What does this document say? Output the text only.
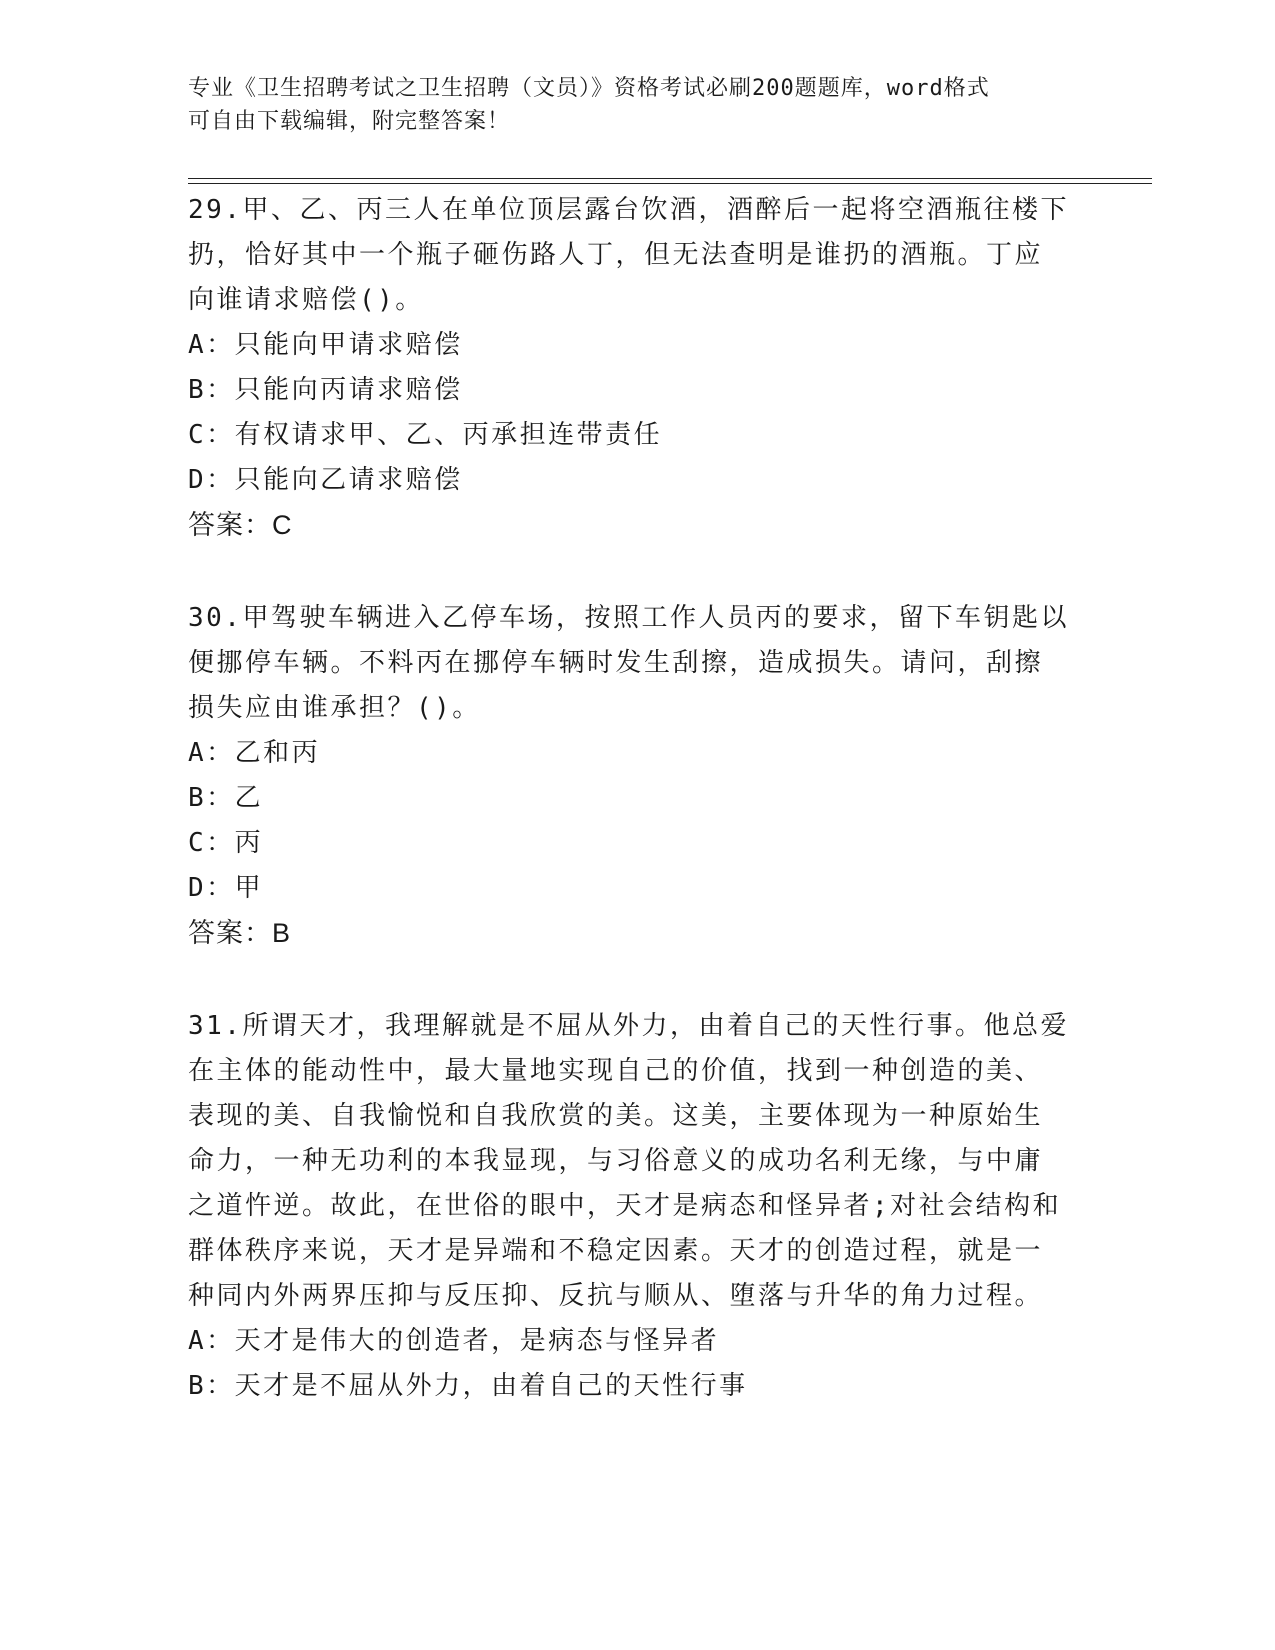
专业《卫生招聘考试之卫生招聘（文员）》资格考试必刷200题题库，word格式
可自由下载编辑，附完整答案！
29.甲、乙、丙三人在单位顶层露台饮酒，酒醉后一起将空酒瓶往楼下
扔，恰好其中一个瓶子砸伤路人丁，但无法查明是谁扔的酒瓶。丁应
向谁请求赔偿()。
A：只能向甲请求赔偿
B：只能向丙请求赔偿
C：有权请求甲、乙、丙承担连带责任
D：只能向乙请求赔偿
答案：C
30.甲驾驶车辆进入乙停车场，按照工作人员丙的要求，留下车钥匙以
便挪停车辆。不料丙在挪停车辆时发生刮擦，造成损失。请问，刮擦
损失应由谁承担？()。
A：乙和丙
B：乙
C：丙
D：甲
答案：B
31.所谓天才，我理解就是不屈从外力，由着自己的天性行事。他总爱
在主体的能动性中，最大量地实现自己的价值，找到一种创造的美、
表现的美、自我愉悦和自我欣赏的美。这美，主要体现为一种原始生
命力，一种无功利的本我显现，与习俗意义的成功名利无缘，与中庸
之道忤逆。故此，在世俗的眼中，天才是病态和怪异者;对社会结构和
群体秩序来说，天才是异端和不稳定因素。天才的创造过程，就是一
种同内外两界压抑与反压抑、反抗与顺从、堕落与升华的角力过程。
A：天才是伟大的创造者，是病态与怪异者
B：天才是不屈从外力，由着自己的天性行事
